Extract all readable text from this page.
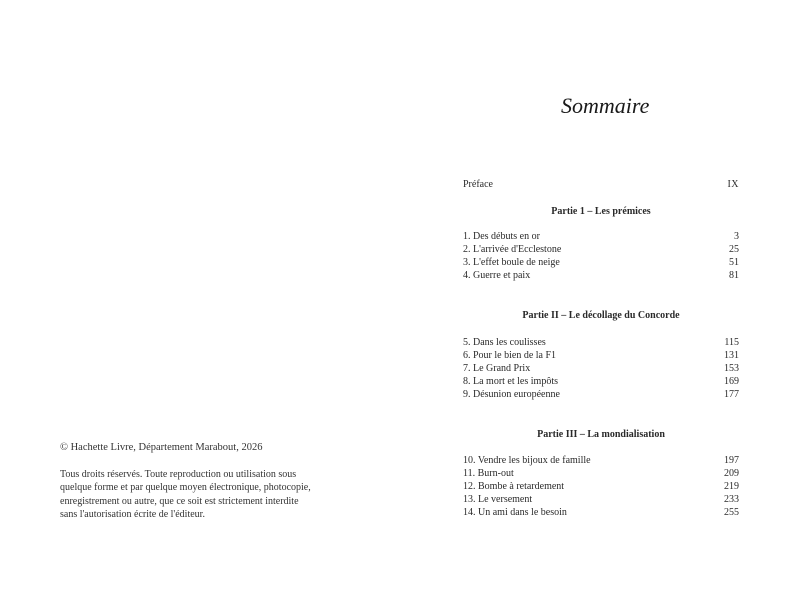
© Hachette Livre, Département Marabout, 2026
Tous droits réservés. Toute reproduction ou utilisation sous
quelque forme et par quelque moyen électronique, photocopie,
enregistrement ou autre, que ce soit est strictement interdite
sans l'autorisation écrite de l'éditeur.
Sommaire
Préface	IX
Partie 1 – Les prémices
1. Des débuts en or	3
2. L'arrivée d'Ecclestone	25
3. L'effet boule de neige	51
4. Guerre et paix	81
Partie II – Le décollage du Concorde
5. Dans les coulisses	115
6. Pour le bien de la F1	131
7. Le Grand Prix	153
8. La mort et les impôts	169
9. Désunion européenne	177
Partie III – La mondialisation
10. Vendre les bijoux de famille	197
11. Burn-out	209
12. Bombe à retardement	219
13. Le versement	233
14. Un ami dans le besoin	255
